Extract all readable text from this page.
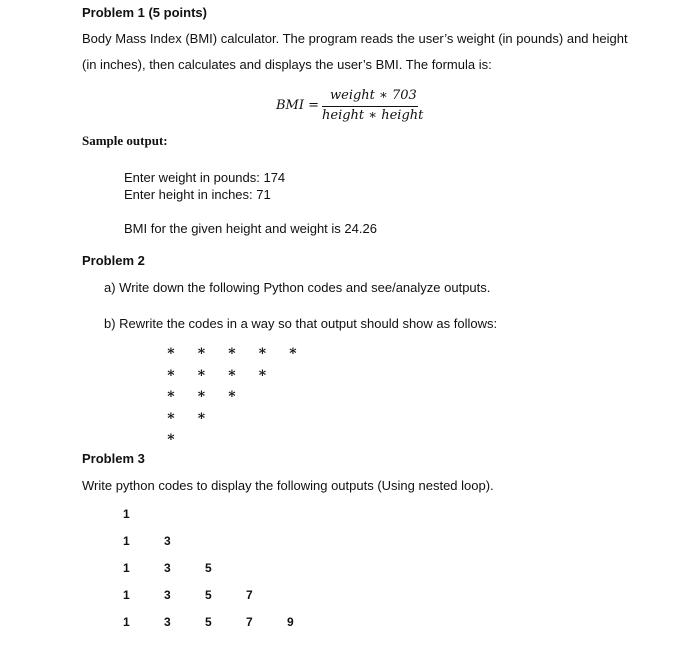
Problem 1 (5 points)
Body Mass Index (BMI) calculator. The program reads the user’s weight (in pounds) and height
(in inches), then calculates and displays the user’s BMI. The formula is:
BMI =
weight ∗ 703
height ∗ height
Sample output:
Enter weight in pounds: 174
Enter height in inches: 71
BMI for the given height and weight is 24.26
Problem 2
a) Write down the following Python codes and see/analyze outputs.
b) Rewrite the codes in a way so that output should show as follows:
∗ ∗ ∗ ∗ ∗
∗ ∗ ∗ ∗
∗ ∗ ∗
∗ ∗
∗
Problem 3
Write python codes to display the following outputs (Using nested loop).
1
1	3
1	3	5
1	3	5	7
1	3	5	7	9
